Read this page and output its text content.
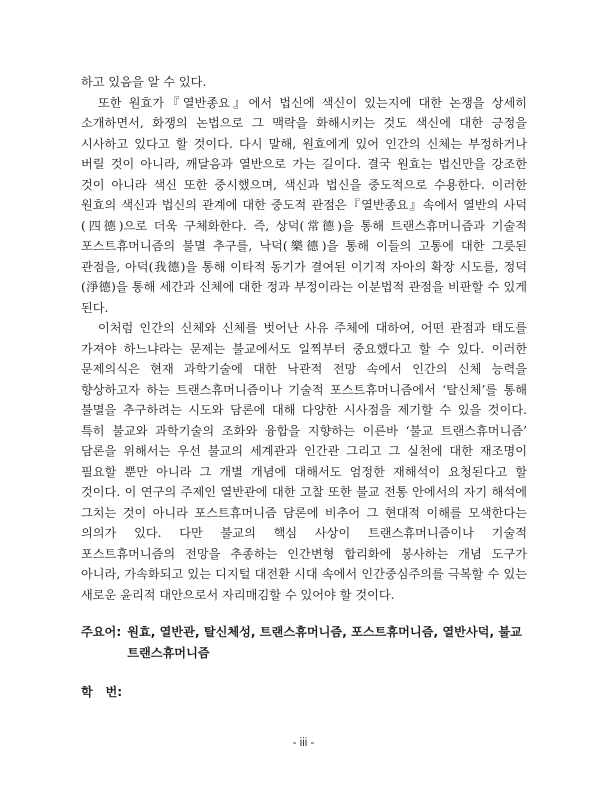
하고 있음을 알 수 있다.

또한 원효가『열반종요』에서 법신에 색신이 있는지에 대한 논쟁을 상세히 소개하면서, 화쟁의 논법으로 그 맥락을 화해시키는 것도 색신에 대한 긍정을 시사하고 있다고 할 것이다. 다시 말해, 원효에게 있어 인간의 신체는 부정하거나 버릴 것이 아니라, 깨달음과 열반으로 가는 길이다. 결국 원효는 법신만을 강조한 것이 아니라 색신 또한 중시했으며, 색신과 법신을 중도적으로 수용한다. 이러한 원효의 색신과 법신의 관계에 대한 중도적 관점은『열반종요』속에서 열반의 사덕(四德)으로 더욱 구체화한다. 즉, 상덕(常德)을 통해 트랜스휴머니즘과 기술적 포스트휴머니즘의 불멸 추구를, 낙덕(樂德)을 통해 이들의 고통에 대한 그릇된 관점을, 아덕(我德)을 통해 이타적 동기가 결여된 이기적 자아의 확장 시도를, 정덕(淨德)을 통해 세간과 신체에 대한 정과 부정이라는 이분법적 관점을 비판할 수 있게 된다.

이처럼 인간의 신체와 신체를 벗어난 사유 주체에 대하여, 어떤 관점과 태도를 가져야 하느냐라는 문제는 불교에서도 일찍부터 중요했다고 할 수 있다. 이러한 문제의식은 현재 과학기술에 대한 낙관적 전망 속에서 인간의 신체 능력을 향상하고자 하는 트랜스휴머니즘이나 기술적 포스트휴머니즘에서 ‘탈신체’를 통해 불멸을 추구하려는 시도와 담론에 대해 다양한 시사점을 제기할 수 있을 것이다. 특히 불교와 과학기술의 조화와 융합을 지향하는 이른바 ‘불교 트랜스휴머니즘’ 담론을 위해서는 우선 불교의 세계관과 인간관 그리고 그 실천에 대한 재조명이 필요할 뿐만 아니라 그 개별 개념에 대해서도 엄정한 재해석이 요청된다고 할 것이다. 이 연구의 주제인 열반관에 대한 고찰 또한 불교 전통 안에서의 자기 해석에 그치는 것이 아니라 포스트휴머니즘 담론에 비추어 그 현대적 이해를 모색한다는 의의가 있다. 다만 불교의 핵심 사상이 트랜스휴머니즘이나 기술적 포스트휴머니즘의 전망을 추종하는 인간변형 합리화에 봉사하는 개념 도구가 아니라, 가속화되고 있는 디지털 대전환 시대 속에서 인간중심주의를 극복할 수 있는 새로운 윤리적 대안으로서 자리매김할 수 있어야 할 것이다.

주요어: 원효, 열반관, 탈신체성, 트랜스휴머니즘, 포스트휴머니즘, 열반사덕, 불교 트랜스휴머니즘
학   번:
- iii -
